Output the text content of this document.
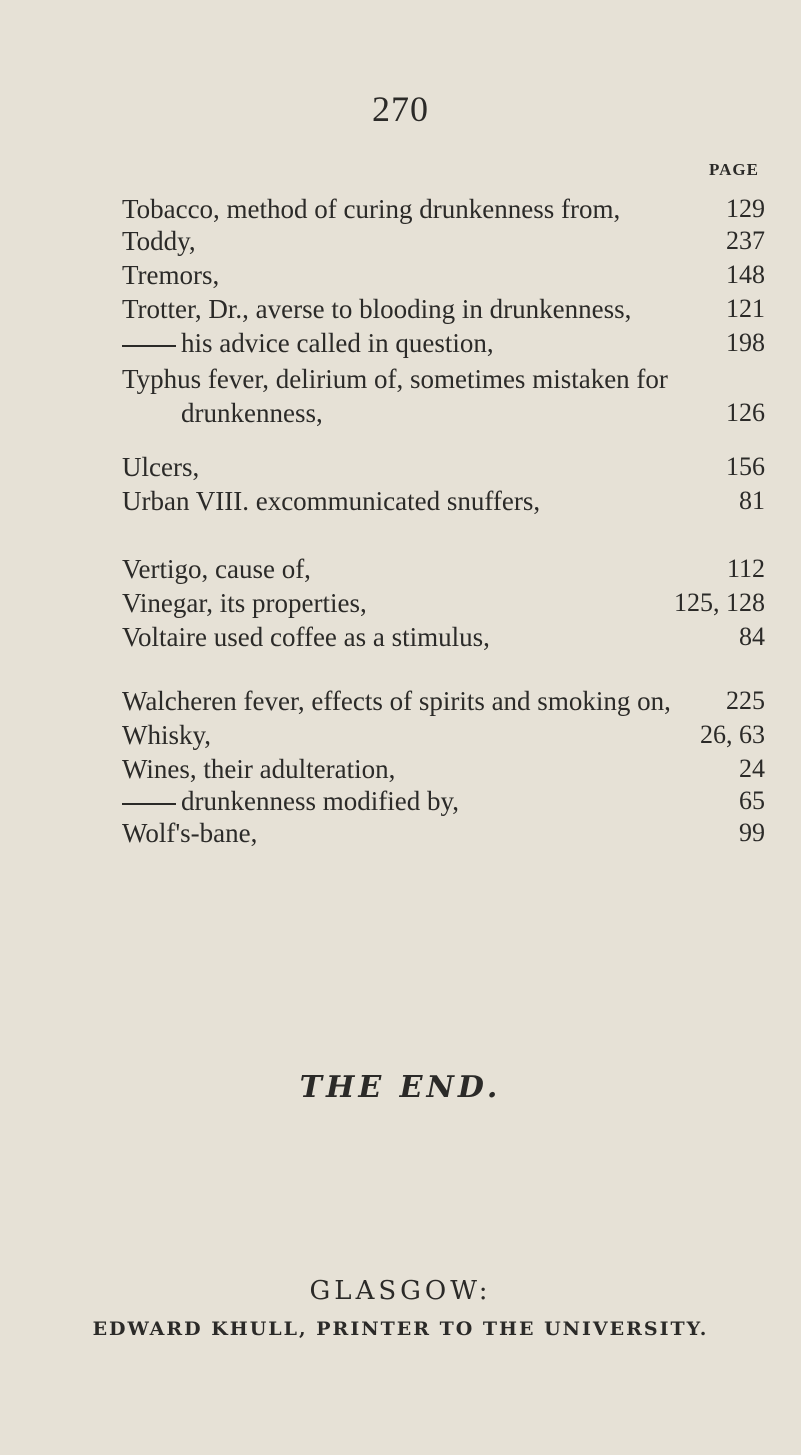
270
PAGE
Tobacco, method of curing drunkenness from,	129
Toddy,	237
Tremors,	148
Trotter, Dr., averse to blooding in drunkenness,	121
his advice called in question,	198
Typhus fever, delirium of, sometimes mistaken for
drunkenness,	126
Ulcers,	156
Urban VIII. excommunicated snuffers,	81
Vertigo, cause of,	112
Vinegar, its properties,	125, 128
Voltaire used coffee as a stimulus,	84
Walcheren fever, effects of spirits and smoking on, 225
Whisky,	26, 63
Wines, their adulteration,	24
drunkenness modified by,	65
Wolf's-bane,	99
THE END.
GLASGOW:
EDWARD KHULL, PRINTER TO THE UNIVERSITY.
